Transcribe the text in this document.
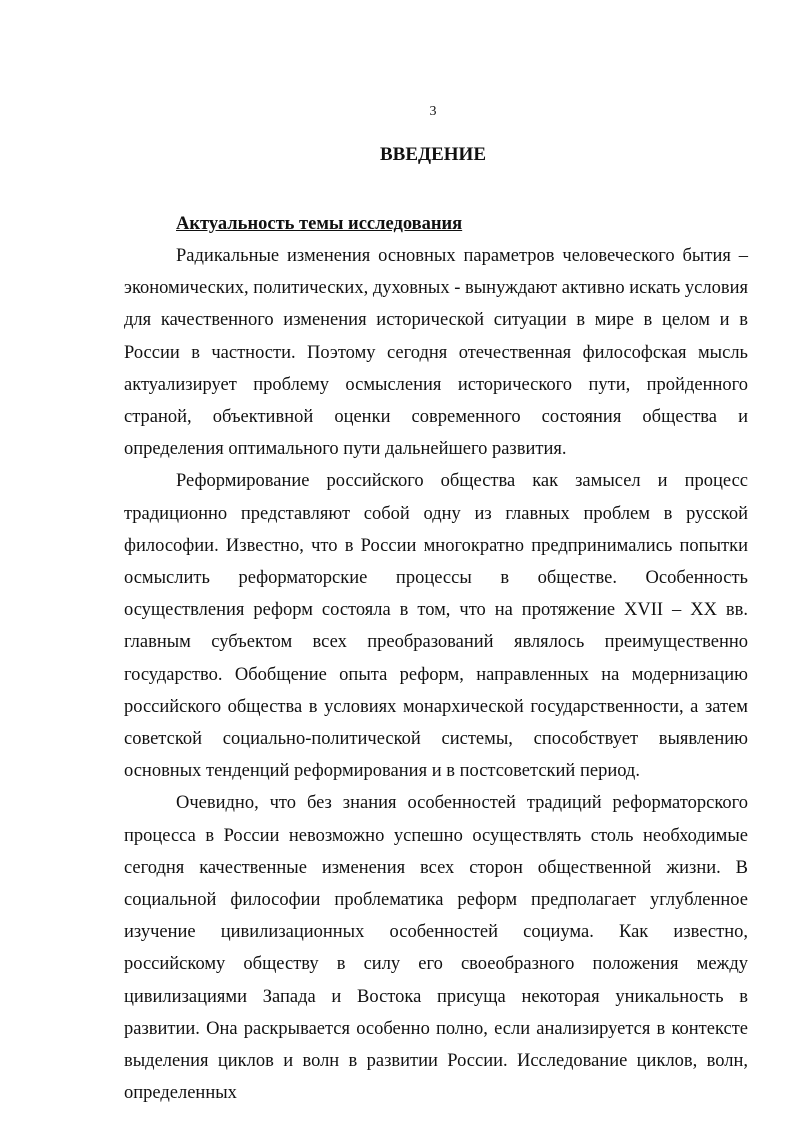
3
ВВЕДЕНИЕ
Актуальность темы исследования

Радикальные изменения основных параметров человеческого бытия – экономических, политических, духовных - вынуждают активно искать условия для качественного изменения исторической ситуации в мире в целом и в России в частности. Поэтому сегодня отечественная философская мысль актуализирует проблему осмысления исторического пути, пройденного страной, объективной оценки современного состояния общества и определения оптимального пути дальнейшего развития.

Реформирование российского общества как замысел и процесс традиционно представляют собой одну из главных проблем в русской философии. Известно, что в России многократно предпринимались попытки осмыслить реформаторские процессы в обществе. Особенность осуществления реформ состояла в том, что на протяжение XVII – XX вв. главным субъектом всех преобразований являлось преимущественно государство. Обобщение опыта реформ, направленных на модернизацию российского общества в условиях монархической государственности, а затем советской социально-политической системы, способствует выявлению основных тенденций реформирования и в постсоветский период.

Очевидно, что без знания особенностей традиций реформаторского процесса в России невозможно успешно осуществлять столь необходимые сегодня качественные изменения всех сторон общественной жизни. В социальной философии проблематика реформ предполагает углубленное изучение цивилизационных особенностей социума. Как известно, российскому обществу в силу его своеобразного положения между цивилизациями Запада и Востока присуща некоторая уникальность в развитии. Она раскрывается особенно полно, если анализируется в контексте выделения циклов и волн в развитии России. Исследование циклов, волн, определенных
